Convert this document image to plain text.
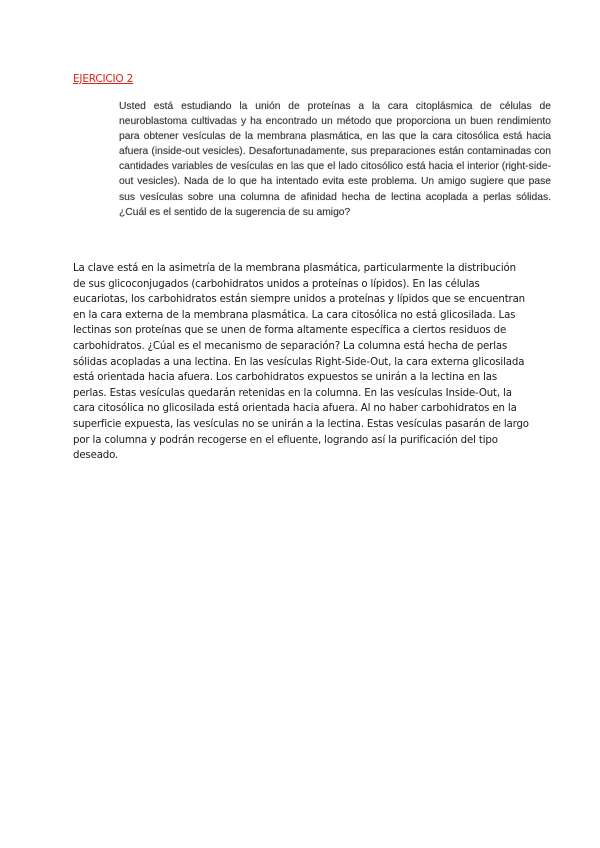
EJERCICIO 2

Usted está estudiando la unión de proteínas a la cara citoplásmica de células de neuroblastoma cultivadas y ha encontrado un método que proporciona un buen rendimiento para obtener vesículas de la membrana plasmática, en las que la cara citosólica está hacia afuera (inside-out vesicles). Desafortunadamente, sus preparaciones están contaminadas con cantidades variables de vesículas en las que el lado citosólico está hacia el interior (right-side-out vesicles). Nada de lo que ha intentado evita este problema. Un amigo sugiere que pase sus vesículas sobre una columna de afinidad hecha de lectina acoplada a perlas sólidas. ¿Cuál es el sentido de la sugerencia de su amigo?

La clave está en la asimetría de la membrana plasmática, particularmente la distribución de sus glicoconjugados (carbohidratos unidos a proteínas o lípidos). En las células eucariotas, los carbohidratos están siempre unidos a proteínas y lípidos que se encuentran en la cara externa de la membrana plasmática. La cara citosólica no está glicosilada. Las lectinas son proteínas que se unen de forma altamente específica a ciertos residuos de carbohidratos. ¿Cúal es el mecanismo de separación? La columna está hecha de perlas sólidas acopladas a una lectina. En las vesículas Right-Side-Out, la cara externa glicosilada está orientada hacia afuera. Los carbohidratos expuestos se unirán a la lectina en las perlas. Estas vesículas quedarán retenidas en la columna. En las vesículas Inside-Out, la cara citosólica no glicosilada está orientada hacia afuera. Al no haber carbohidratos en la superficie expuesta, las vesículas no se unirán a la lectina. Estas vesículas pasarán de largo por la columna y podrán recogerse en el efluente, logrando así la purificación del tipo deseado.
